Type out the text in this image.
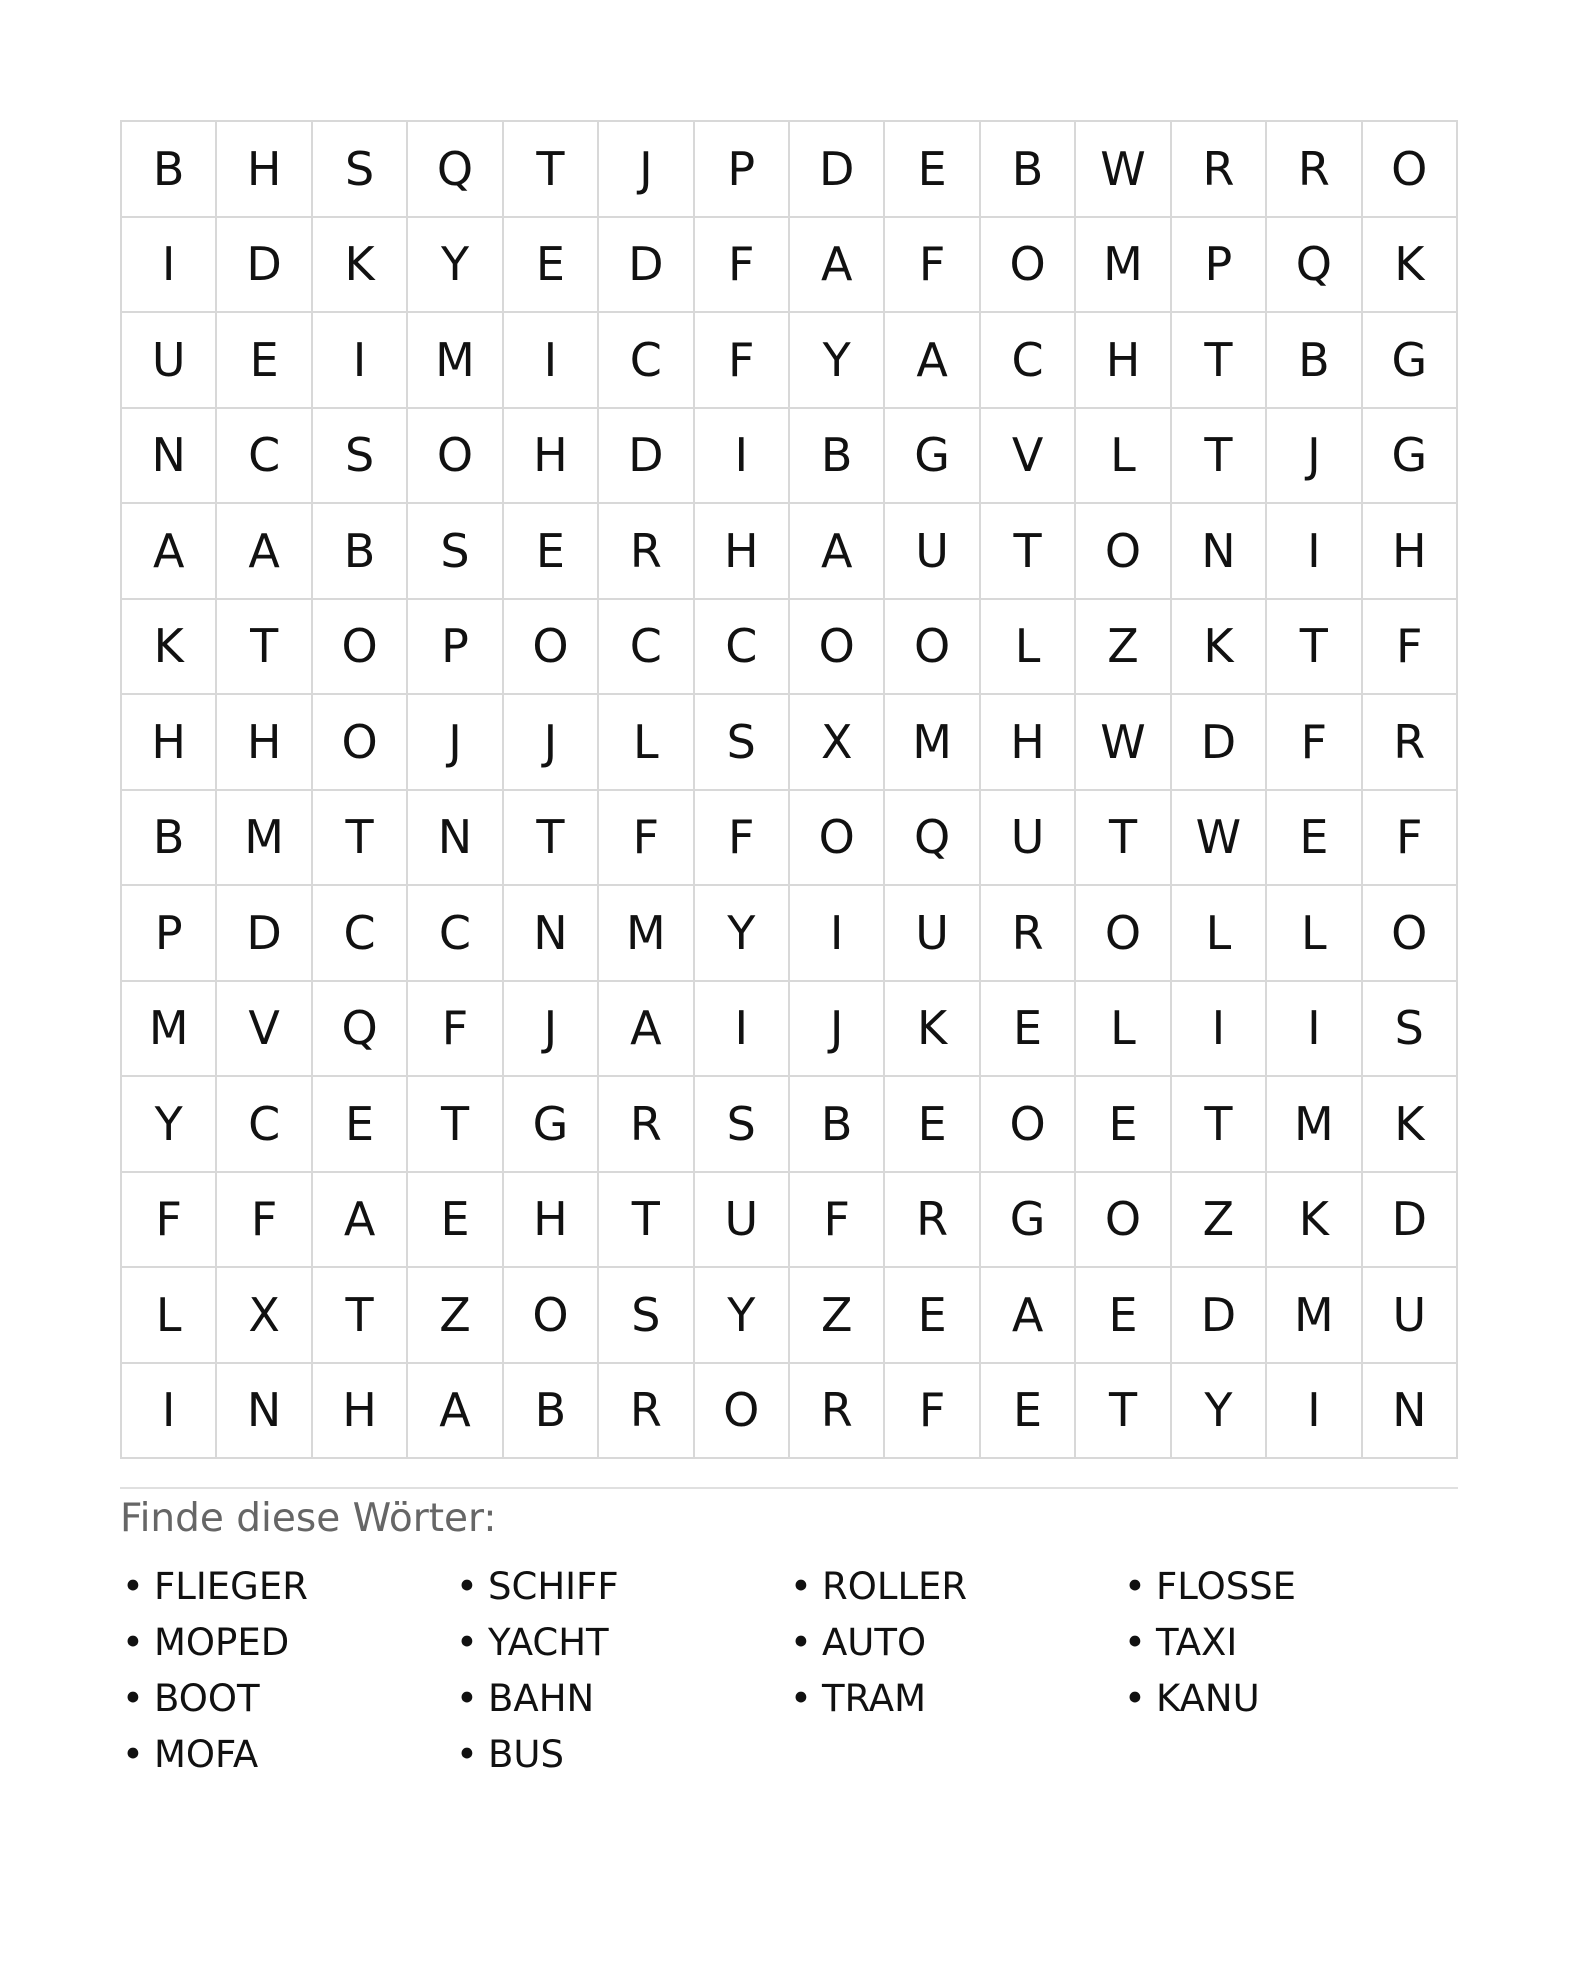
B	H	S	Q	T	J	P	D	E	B	W	R	R	O
I	D	K	Y	E	D	F	A	F	O	M	P	Q	K
U	E	I	M	I	C	F	Y	A	C	H	T	B	G
N	C	S	O	H	D	I	B	G	V	L	T	J	G
A	A	B	S	E	R	H	A	U	T	O	N	I	H
K	T	O	P	O	C	C	O	O	L	Z	K	T	F
H	H	O	J	J	L	S	X	M	H	W	D	F	R
B	M	T	N	T	F	F	O	Q	U	T	W	E	F
P	D	C	C	N	M	Y	I	U	R	O	L	L	O
M	V	Q	F	J	A	I	J	K	E	L	I	I	S
Y	C	E	T	G	R	S	B	E	O	E	T	M	K
F	F	A	E	H	T	U	F	R	G	O	Z	K	D
L	X	T	Z	O	S	Y	Z	E	A	E	D	M	U
I	N	H	A	B	R	O	R	F	E	T	Y	I	N
Finde diese Wörter:
• FLIEGER	• SCHIFF	• ROLLER	• FLOSSE
• MOPED	• YACHT	• AUTO	• TAXI
• BOOT	• BAHN	• TRAM	• KANU
• MOFA	• BUS
